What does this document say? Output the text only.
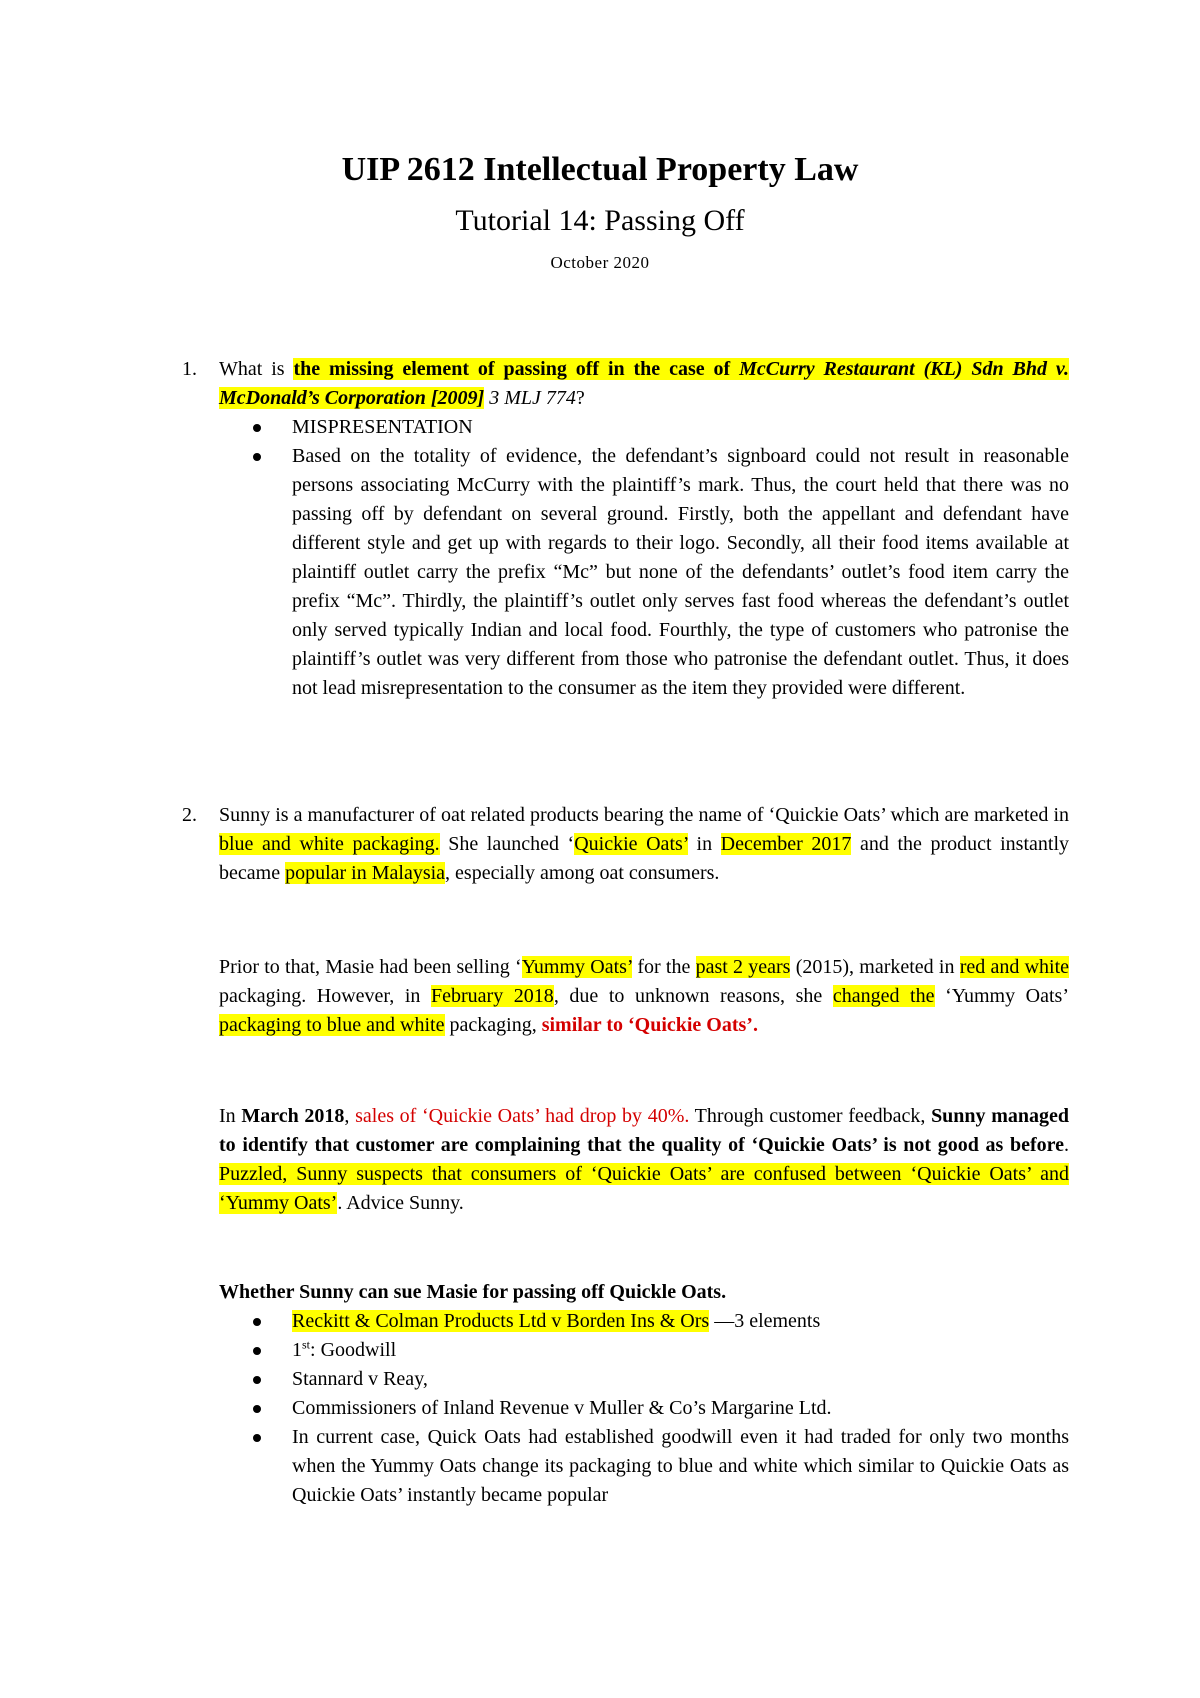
UIP 2612 Intellectual Property Law
Tutorial 14: Passing Off
October 2020
1. What is the missing element of passing off in the case of McCurry Restaurant (KL) Sdn Bhd v. McDonald’s Corporation [2009] 3 MLJ 774?
MISPRESENTATION
Based on the totality of evidence, the defendant’s signboard could not result in reasonable persons associating McCurry with the plaintiff’s mark. Thus, the court held that there was no passing off by defendant on several ground. Firstly, both the appellant and defendant have different style and get up with regards to their logo. Secondly, all their food items available at plaintiff outlet carry the prefix “Mc” but none of the defendants’ outlet’s food item carry the prefix “Mc”. Thirdly, the plaintiff’s outlet only serves fast food whereas the defendant’s outlet only served typically Indian and local food. Fourthly, the type of customers who patronise the plaintiff’s outlet was very different from those who patronise the defendant outlet. Thus, it does not lead misrepresentation to the consumer as the item they provided were different.
2. Sunny is a manufacturer of oat related products bearing the name of ‘Quickie Oats’ which are marketed in blue and white packaging. She launched ‘Quickie Oats’ in December 2017 and the product instantly became popular in Malaysia, especially among oat consumers.
Prior to that, Masie had been selling ‘Yummy Oats’ for the past 2 years (2015), marketed in red and white packaging. However, in February 2018, due to unknown reasons, she changed the ‘Yummy Oats’ packaging to blue and white packaging, similar to ‘Quickie Oats’.
In March 2018, sales of ‘Quickie Oats’ had drop by 40%. Through customer feedback, Sunny managed to identify that customer are complaining that the quality of ‘Quickie Oats’ is not good as before. Puzzled, Sunny suspects that consumers of ‘Quickie Oats’ are confused between ‘Quickie Oats’ and ‘Yummy Oats’. Advice Sunny.
Whether Sunny can sue Masie for passing off Quickle Oats.
Reckitt & Colman Products Ltd v Borden Ins & Ors —3 elements
1st: Goodwill
Stannard v Reay,
Commissioners of Inland Revenue v Muller & Co’s Margarine Ltd.
In current case, Quick Oats had established goodwill even it had traded for only two months when the Yummy Oats change its packaging to blue and white which similar to Quickie Oats as Quickie Oats’ instantly became popular
